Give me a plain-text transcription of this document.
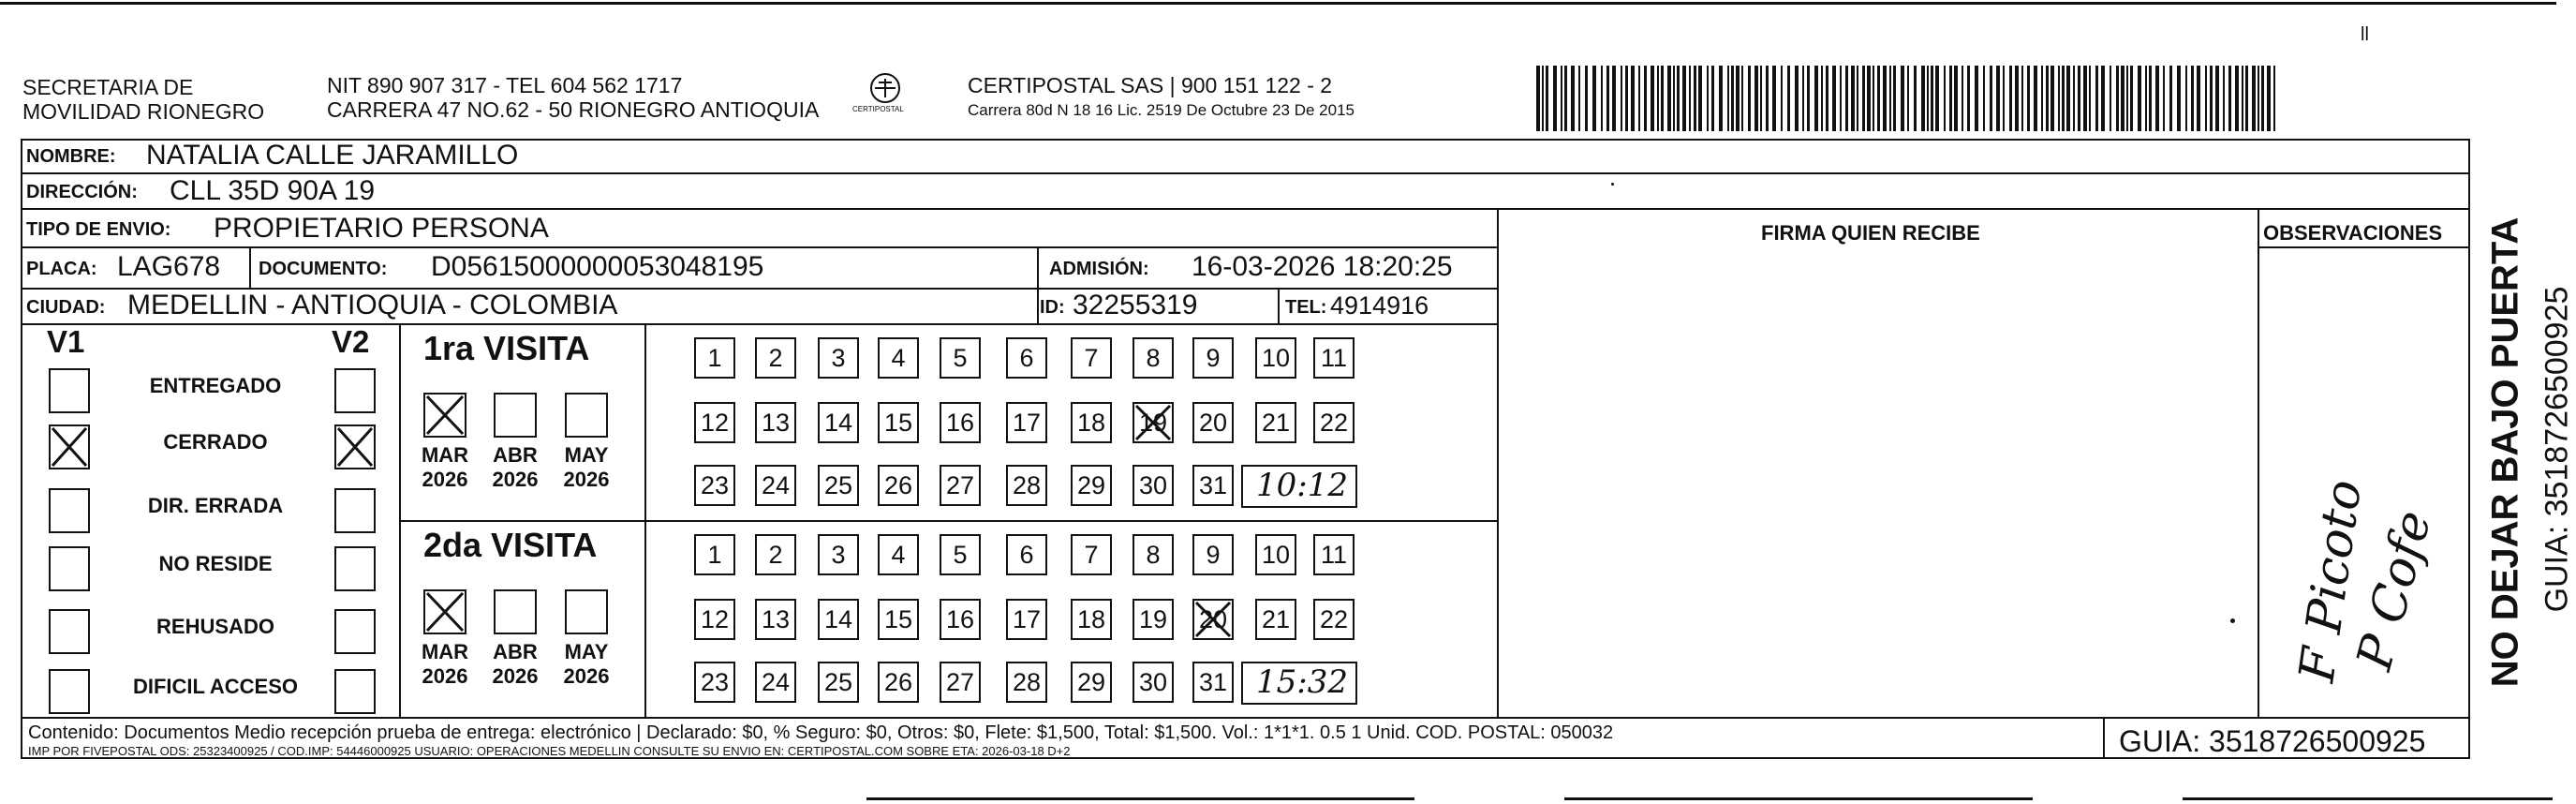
SECRETARIA DE
MOVILIDAD RIONEGRO
NIT 890 907 317 - TEL 604 562 1717
CARRERA 47 NO.62 - 50 RIONEGRO ANTIOQUIA	CERTIPOSTAL
CERTIPOSTAL SAS | 900 151 122 - 2
Carrera 80d N 18 16 Lic. 2519 De Octubre 23 De 2015
ll
NOMBRE: NATALIA CALLE JARAMILLO
DIRECCIÓN: CLL 35D 90A 19
TIPO DE ENVIO: PROPIETARIO PERSONA	FIRMA QUIEN RECIBE	OBSERVACIONES
PLACA: LAG678 DOCUMENTO: D05615000000053048195	ADMISIÓN: 16-03-2026 18:20:25
CIUDAD: MEDELLIN - ANTIOQUIA - COLOMBIA	ID: 32255319	TEL: 4914916
V1	V2
ENTREGADO
CERRADO
DIR. ERRADA
NO RESIDE
REHUSADO
DIFICIL ACCESO
1ra VISITA
MAR
2026
ABR
2026
MAY
2026
1	2	3	4	5	6	7	8	9	10 11
12 13 14 15 16 17 18 19 20 21 22
23 24 25 26 27 28 29 30 31 10:12
2da VISITA
MAR
2026
ABR
2026
MAY
2026
1	2	3	4	5	6	7	8	9	10 11
12 13 14 15 16 17 18 19 20 21 22
23 24 25 26 27 28 29 30 31 15:32	F Picoto
P Cofe NO DEJAR BAJO PUERTA GUIA: 3518726500925
Contenido: Documentos Medio recepción prueba de entrega: electrónico | Declarado: $0, % Seguro: $0, Otros: $0, Flete: $1,500, Total: $1,500. Vol.: 1*1*1. 0.5 1 Unid. COD. POSTAL: 050032
IMP POR FIVEPOSTAL ODS: 25323400925 / COD.IMP: 54446000925 USUARIO: OPERACIONES MEDELLIN CONSULTE SU ENVIO EN: CERTIPOSTAL.COM SOBRE ETA: 2026-03-18 D+2	GUIA: 3518726500925
